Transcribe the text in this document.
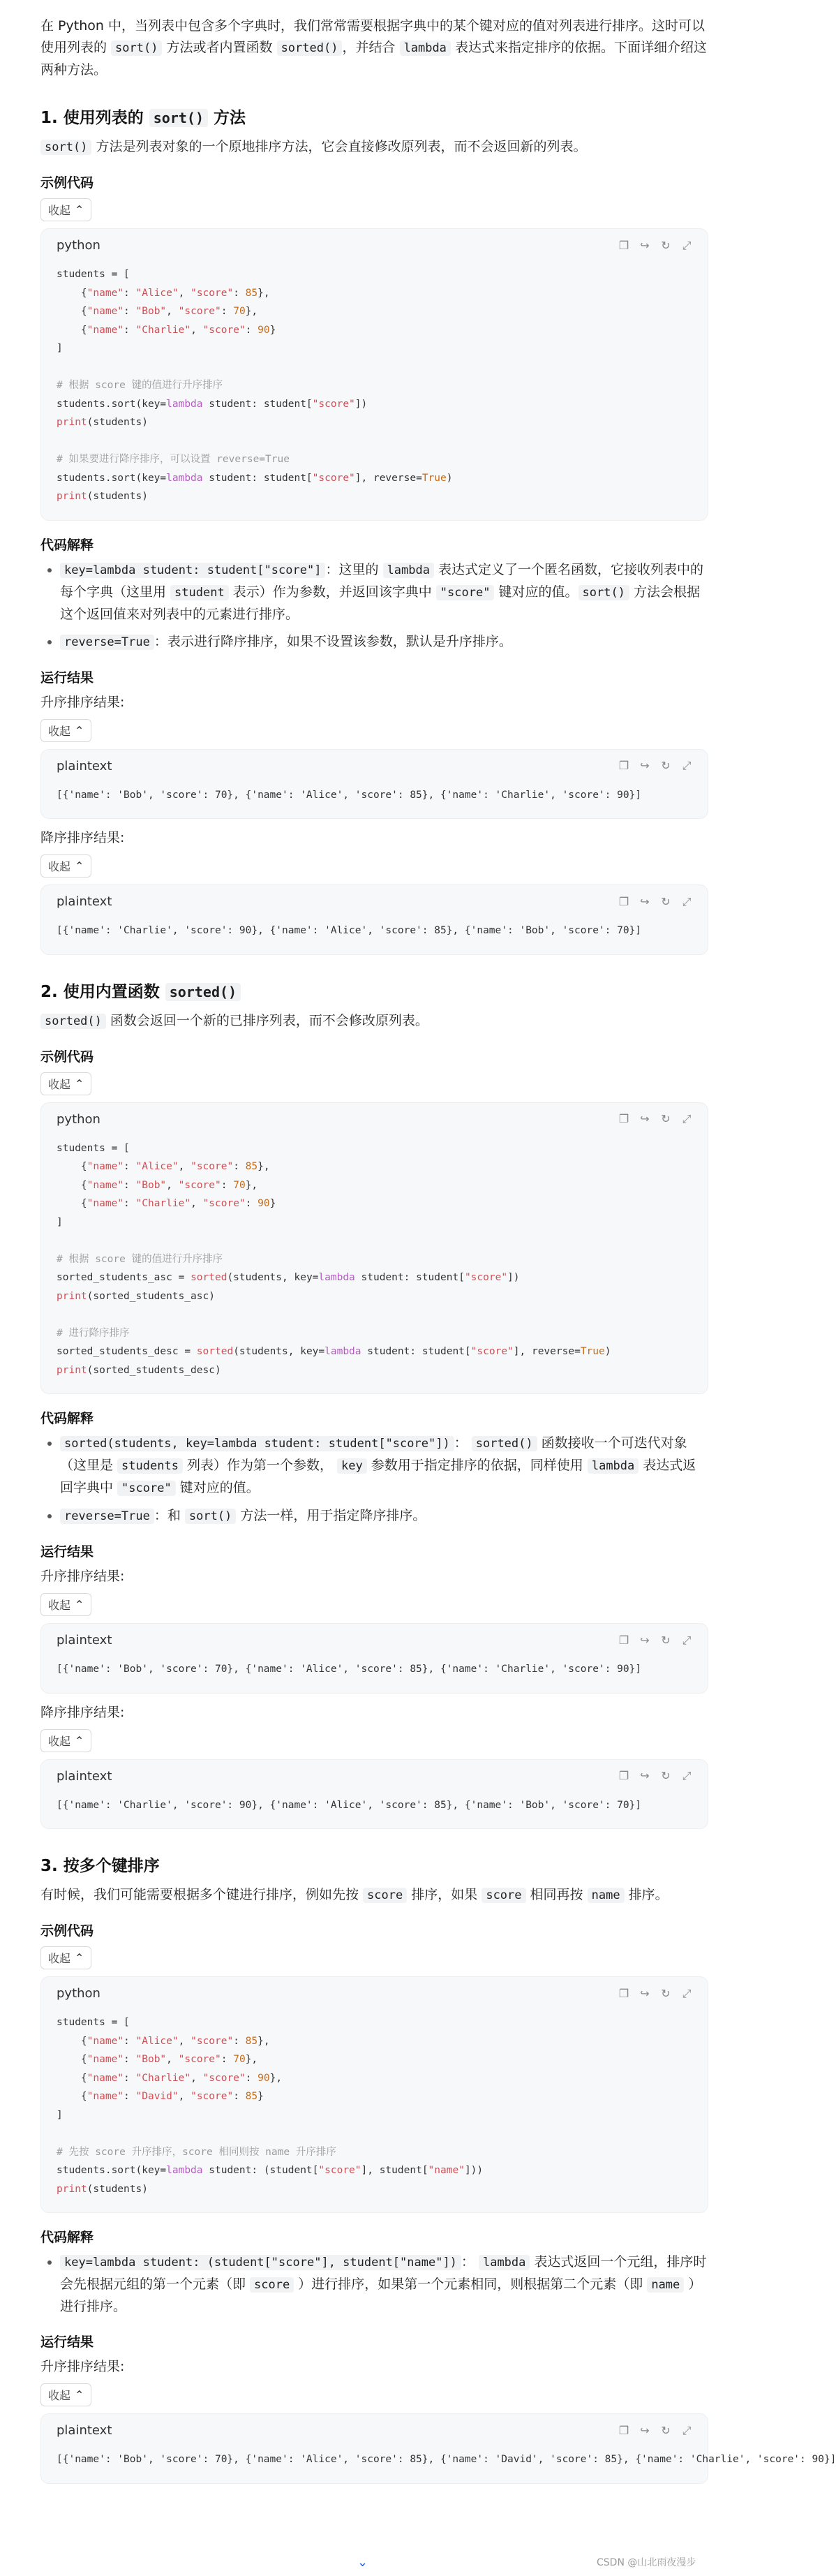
在 Python 中，当列表中包含多个字典时，我们常常需要根据字典中的某个键对应的值对列表进行排序。这时可以使用列表的 sort() 方法或者内置函数 sorted() ，并结合 lambda 表达式来指定排序的依据。下面详细介绍这两种方法。

1. 使用列表的 sort() 方法

sort() 方法是列表对象的一个原地排序方法，它会直接修改原列表，而不会返回新的列表。

示例代码
收起 ⌃
python	❐ ↪ ↻ ⤢
students = [
{"name": "Alice", "score": 85},
{"name": "Bob", "score": 70},
{"name": "Charlie", "score": 90}
]
# 根据 score 键的值进行升序排序
students.sort(key=lambda student: student["score"])
print(students)
# 如果要进行降序排序，可以设置 reverse=True
students.sort(key=lambda student: student["score"], reverse=True)
print(students)
代码解释
• key=lambda student: student["score"] ：这里的 lambda 表达式定义了一个匿名函数，它接收列表中的每个字典（这里用 student 表示）作为参数，并返回该字典中 "score" 键对应的值。 sort() 方法会根据这个返回值来对列表中的元素进行排序。
• reverse=True ：表示进行降序排序，如果不设置该参数，默认是升序排序。
运行结果
升序排序结果:
收起 ⌃
plaintext	❐ ↪ ↻ ⤢
[{'name': 'Bob', 'score': 70}, {'name': 'Alice', 'score': 85}, {'name': 'Charlie', 'score': 90}]
降序排序结果:
收起 ⌃
plaintext	❐ ↪ ↻ ⤢
[{'name': 'Charlie', 'score': 90}, {'name': 'Alice', 'score': 85}, {'name': 'Bob', 'score': 70}]
2. 使用内置函数 sorted()

sorted() 函数会返回一个新的已排序列表，而不会修改原列表。

示例代码
收起 ⌃
python	❐ ↪ ↻ ⤢
students = [
{"name": "Alice", "score": 85},
{"name": "Bob", "score": 70},
{"name": "Charlie", "score": 90}
]
# 根据 score 键的值进行升序排序
sorted_students_asc = sorted(students, key=lambda student: student["score"])
print(sorted_students_asc)
# 进行降序排序
sorted_students_desc = sorted(students, key=lambda student: student["score"], reverse=True)
print(sorted_students_desc)
代码解释
• sorted(students, key=lambda student: student["score"]) ： sorted() 函数接收一个可迭代对象（这里是 students 列表）作为第一个参数， key 参数用于指定排序的依据，同样使用 lambda 表达式返回字典中 "score" 键对应的值。
• reverse=True ：和 sort() 方法一样，用于指定降序排序。
运行结果
升序排序结果:
收起 ⌃
plaintext	❐ ↪ ↻ ⤢
[{'name': 'Bob', 'score': 70}, {'name': 'Alice', 'score': 85}, {'name': 'Charlie', 'score': 90}]
降序排序结果:
收起 ⌃
plaintext	❐ ↪ ↻ ⤢
[{'name': 'Charlie', 'score': 90}, {'name': 'Alice', 'score': 85}, {'name': 'Bob', 'score': 70}]
3. 按多个键排序

有时候，我们可能需要根据多个键进行排序，例如先按 score 排序，如果 score 相同再按 name 排序。

示例代码
收起 ⌃
python	❐ ↪ ↻ ⤢
students = [
{"name": "Alice", "score": 85},
{"name": "Bob", "score": 70},
{"name": "Charlie", "score": 90},
{"name": "David", "score": 85}
]
# 先按 score 升序排序，score 相同则按 name 升序排序
students.sort(key=lambda student: (student["score"], student["name"]))
print(students)
代码解释
• key=lambda student: (student["score"], student["name"]) ： lambda 表达式返回一个元组，排序时会先根据元组的第一个元素（即 score ）进行排序，如果第一个元素相同，则根据第二个元素（即 name ）进行排序。
运行结果
升序排序结果:
收起 ⌃
plaintext	❐ ↪ ↻ ⤢
[{'name': 'Bob', 'score': 70}, {'name': 'Alice', 'score': 85}, {'name': 'David', 'score': 85}, {'name': 'Charlie', 'score': 90}]
⌄	CSDN @山北雨夜漫步
